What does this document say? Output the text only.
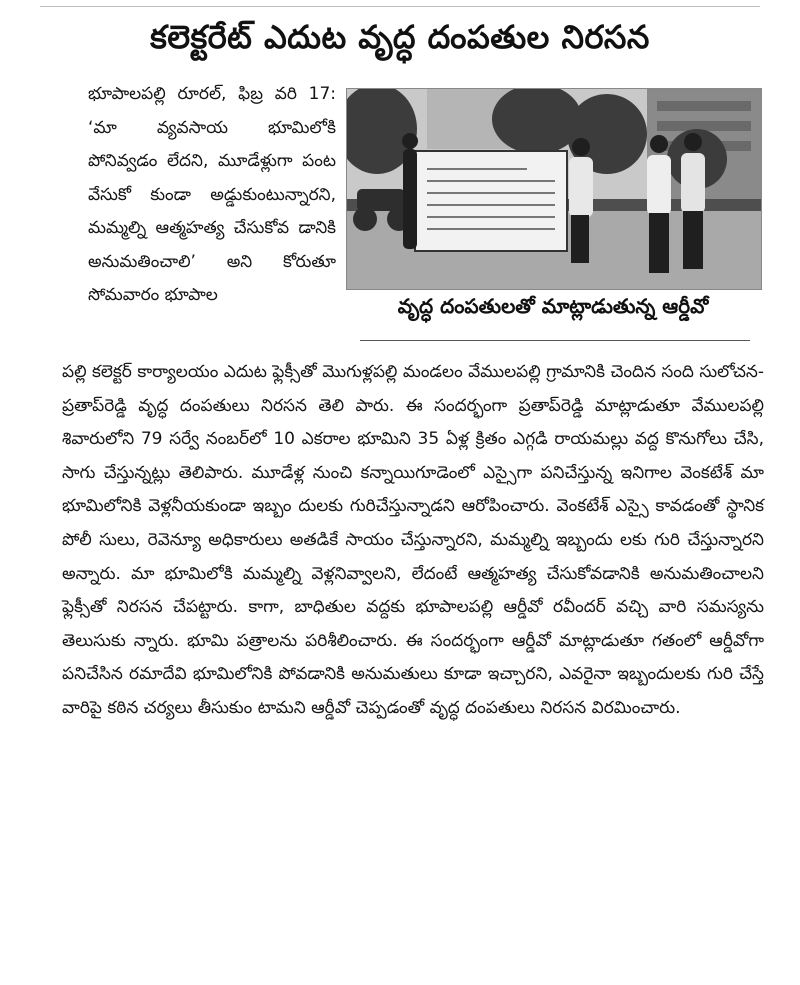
కలెక్టరేట్ ఎదుట వృద్ధ దంపతుల నిరసన

భూపాలపల్లి రూరల్, ఫిబ్ర వరి 17: ‘మా వ్యవసాయ భూమిలోకి పోనివ్వడం లేదని, మూడేళ్లుగా పంట వేసుకో కుండా అడ్డుకుంటున్నారని, మమ్మల్ని ఆత్మహత్య చేసుకోవ డానికి అనుమతించాలి’ అని కోరుతూ సోమవారం భూపాల	వృద్ధ దంపతులతో మాట్లాడుతున్న ఆర్డీవో

పల్లి కలెక్టర్ కార్యాలయం ఎదుట ఫ్లెక్సీతో మొగుళ్లపల్లి మండలం వేములపల్లి గ్రామానికి చెందిన సంది సులోచన-ప్రతాప్‌రెడ్డి వృద్ధ దంపతులు నిరసన తెలి పారు. ఈ సందర్భంగా ప్రతాప్‌రెడ్డి మాట్లాడుతూ వేములపల్లి శివారులోని 79 సర్వే నంబర్‌లో 10 ఎకరాల భూమిని 35 ఏళ్ల క్రితం ఎగ్గడి రాయమల్లు వద్ద కొనుగోలు చేసి, సాగు చేస్తున్నట్లు తెలిపారు. మూడేళ్ల నుంచి కన్నాయిగూడెంలో ఎస్సైగా పనిచేస్తున్న ఇనిగాల వెంకటేశ్ మా భూమిలోనికి వెళ్లనీయకుండా ఇబ్బం దులకు గురిచేస్తున్నాడని ఆరోపించారు. వెంకటేశ్ ఎస్సై కావడంతో స్థానిక పోలీ సులు, రెవెన్యూ అధికారులు అతడికే సాయం చేస్తున్నారని, మమ్మల్ని ఇబ్బందు లకు గురి చేస్తున్నారని అన్నారు. మా భూమిలోకి మమ్మల్ని వెళ్లనివ్వాలని, లేదంటే ఆత్మహత్య చేసుకోవడానికి అనుమతించాలని ఫ్లెక్సీతో నిరసన చేపట్టారు. కాగా, బాధితుల వద్దకు భూపాలపల్లి ఆర్డీవో రవీందర్ వచ్చి వారి సమస్యను తెలుసుకు న్నారు. భూమి పత్రాలను పరిశీలించారు. ఈ సందర్భంగా ఆర్డీవో మాట్లాడుతూ గతంలో ఆర్డీవోగా పనిచేసిన రమాదేవి భూమిలోనికి పోవడానికి అనుమతులు కూడా ఇచ్చారని, ఎవరైనా ఇబ్బందులకు గురి చేస్తే వారిపై కఠిన చర్యలు తీసుకుం టామని ఆర్డీవో చెప్పడంతో వృద్ధ దంపతులు నిరసన విరమించారు.
